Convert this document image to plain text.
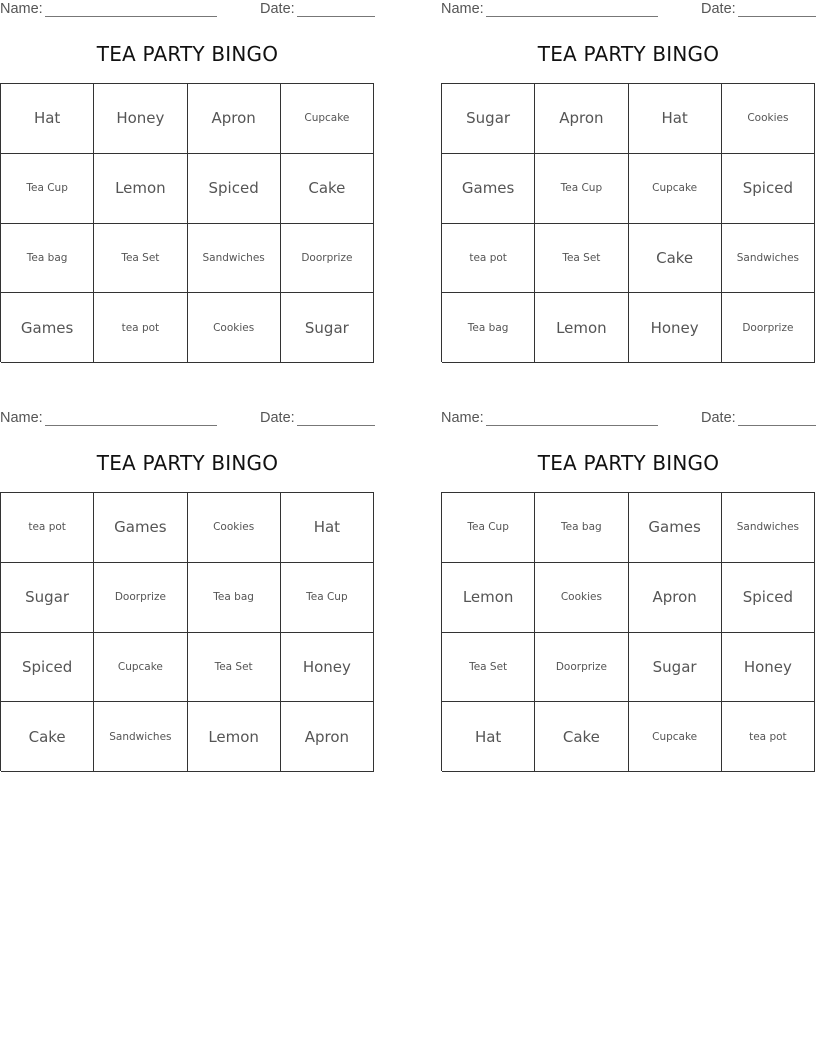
Name:	Date:
TEA PARTY BINGO
Hat	Honey	Apron	Cupcake
Tea Cup	Lemon	Spiced	Cake
Tea bag	Tea Set	Sandwiches	Doorprize
Games	tea pot	Cookies	Sugar
Name:	Date:
TEA PARTY BINGO
Sugar	Apron	Hat	Cookies
Games	Tea Cup	Cupcake	Spiced
tea pot	Tea Set	Cake	Sandwiches
Tea bag	Lemon	Honey	Doorprize
Name:	Date:
TEA PARTY BINGO
tea pot	Games	Cookies	Hat
Sugar	Doorprize	Tea bag	Tea Cup
Spiced	Cupcake	Tea Set	Honey
Cake	Sandwiches	Lemon	Apron
Name:	Date:
TEA PARTY BINGO
Tea Cup	Tea bag	Games	Sandwiches
Lemon	Cookies	Apron	Spiced
Tea Set	Doorprize	Sugar	Honey
Hat	Cake	Cupcake	tea pot
